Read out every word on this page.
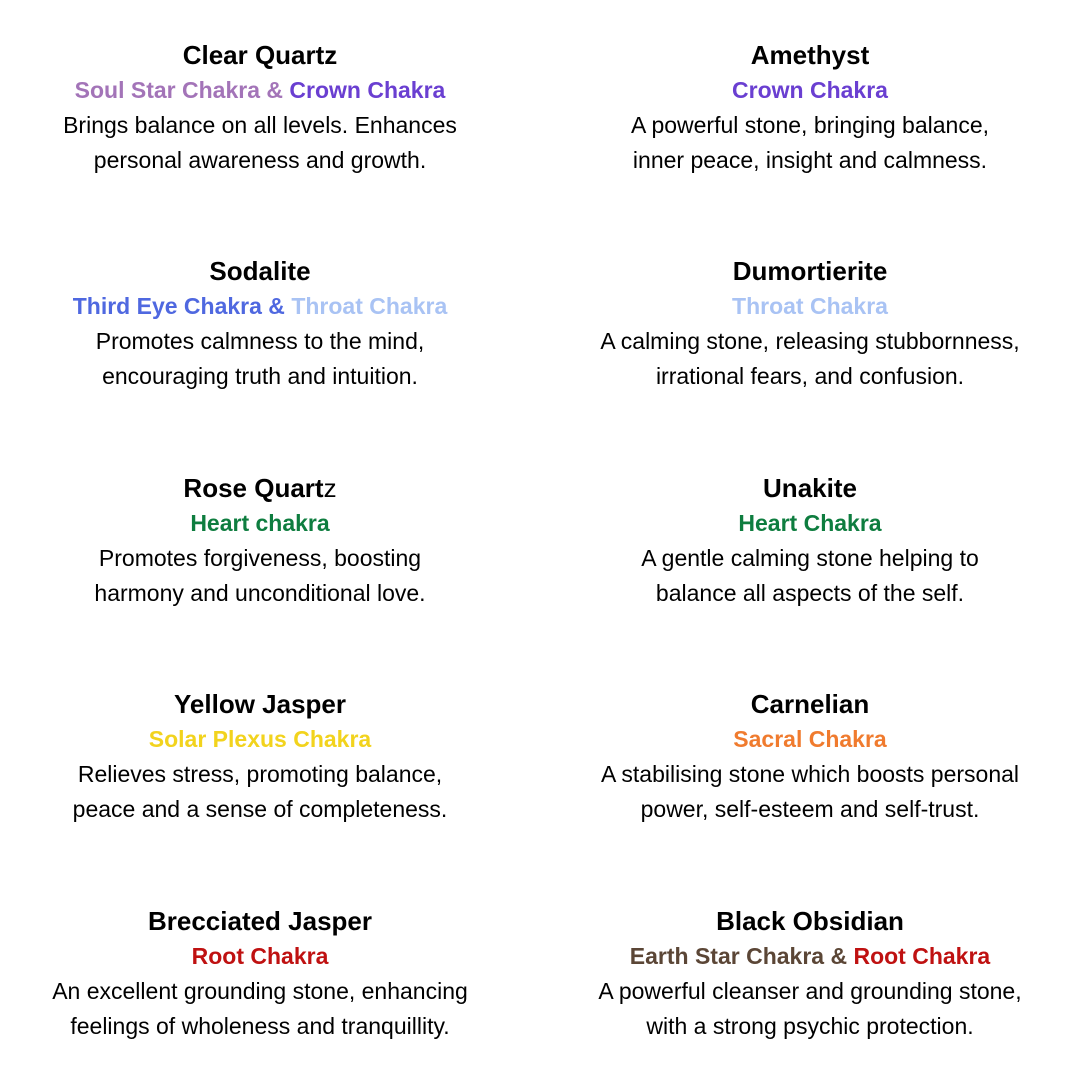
Clear Quartz
Soul Star Chakra & Crown Chakra
Brings balance on all levels. Enhances
personal awareness and growth.
Amethyst
Crown Chakra
A powerful stone, bringing balance,
inner peace, insight and calmness.
Sodalite
Third Eye Chakra & Throat Chakra
Promotes calmness to the mind,
encouraging truth and intuition.
Dumortierite
Throat Chakra
A calming stone, releasing stubbornness,
irrational fears, and confusion.
Rose Quartz
Heart chakra
Promotes forgiveness, boosting
harmony and unconditional love.
Unakite
Heart Chakra
A gentle calming stone helping to
balance all aspects of the self.
Yellow Jasper
Solar Plexus Chakra
Relieves stress, promoting balance,
peace and a sense of completeness.
Carnelian
Sacral Chakra
A stabilising stone which boosts personal
power, self-esteem and self-trust.
Brecciated Jasper
Root Chakra
An excellent grounding stone, enhancing
feelings of wholeness and tranquillity.
Black Obsidian
Earth Star Chakra & Root Chakra
A powerful cleanser and grounding stone,
with a strong psychic protection.
